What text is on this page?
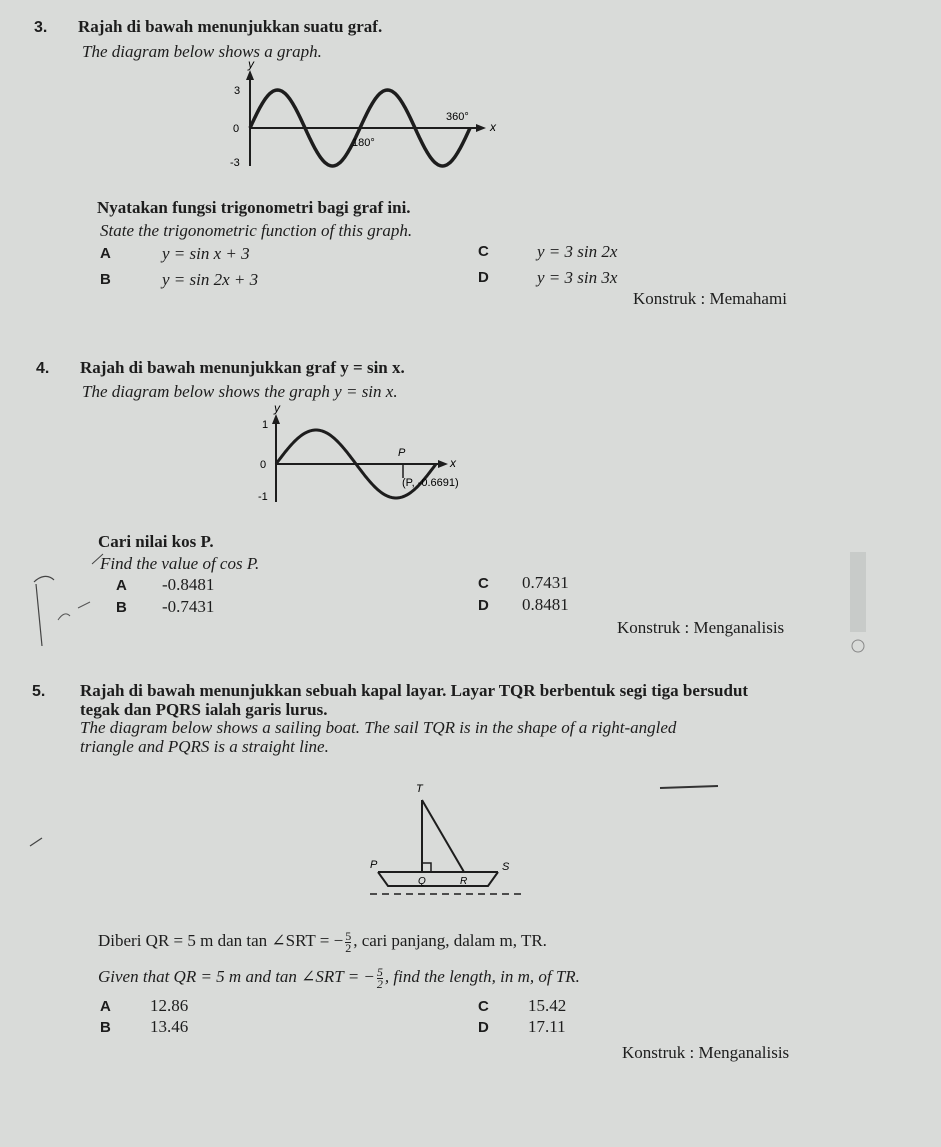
3. Rajah di bawah menunjukkan suatu graf.
The diagram below shows a graph.
y
3
0
-3
360°
180°
x
Nyatakan fungsi trigonometri bagi graf ini.
State the trigonometric function of this graph.
A	y = sin x + 3	C	y = 3 sin 2x
B	y = sin 2x + 3	D	y = 3 sin 3x
Konstruk : Memahami
4. Rajah di bawah menunjukkan graf y = sin x.
The diagram below shows the graph y = sin x.
y
1
0
-1
P
x
(P, -0.6691)
Cari nilai kos P.
Find the value of cos P.
A -0.8481	C 0.7431
B -0.7431	D 0.8481
Konstruk : Menganalisis
5. Rajah di bawah menunjukkan sebuah kapal layar. Layar TQR berbentuk segi tiga bersudut
tegak dan PQRS ialah garis lurus.
The diagram below shows a sailing boat. The sail TQR is in the shape of a right-angled
triangle and PQRS is a straight line.
T
P
Q	R
S
Diberi QR = 5 m dan tan ∠SRT = − $\frac{5}{2}$ , cari panjang, dalam m, TR.
Given that QR = 5 m and tan ∠SRT = − $\frac{5}{2}$ , find the length, in m, of TR.
A 12.86	C 15.42
B 13.46	D 17.11
Konstruk : Menganalisis
